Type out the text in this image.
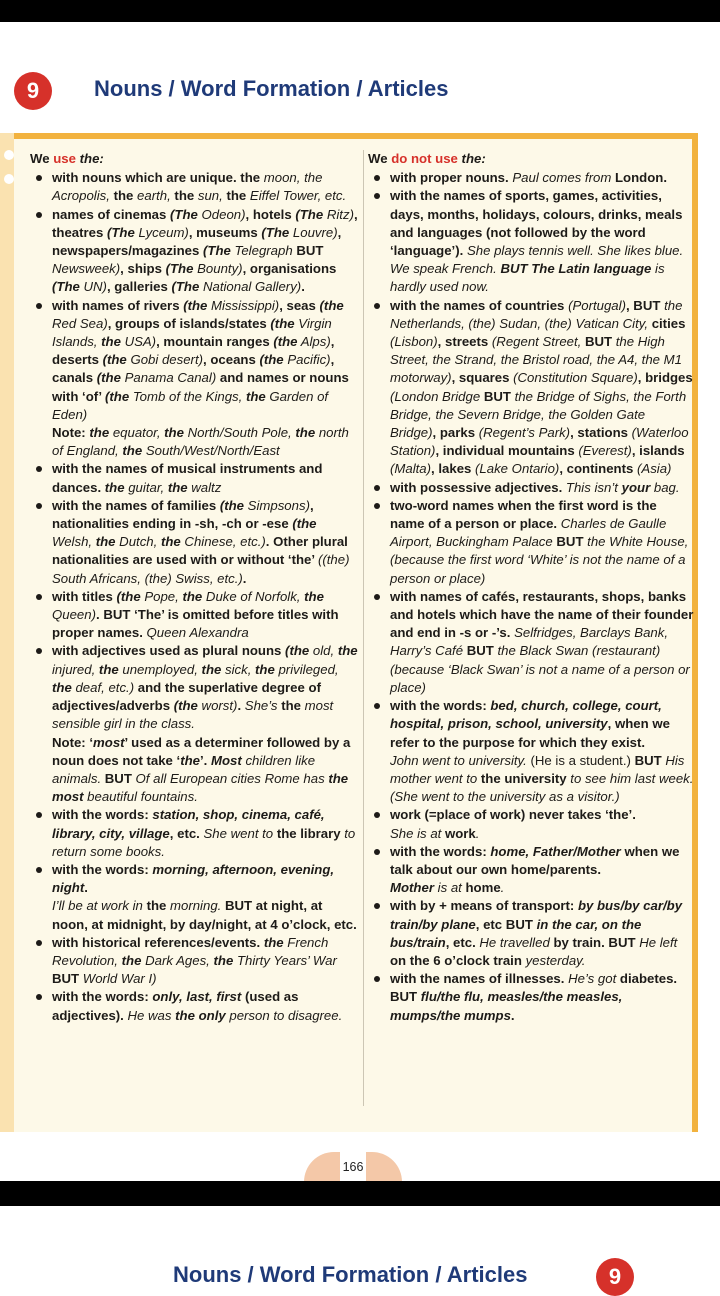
9	Nouns / Word Formation / Articles
We use the:
with nouns which are unique. the moon, the Acropolis, the earth, the sun, the Eiffel Tower, etc.
names of cinemas (The Odeon), hotels (The Ritz), theatres (The Lyceum), museums (The Louvre), newspapers/magazines (The Telegraph BUT Newsweek), ships (The Bounty), organisations (The UN), galleries (The National Gallery).
with names of rivers (the Mississippi), seas (the Red Sea), groups of islands/states (the Virgin Islands, the USA), mountain ranges (the Alps), deserts (the Gobi desert), oceans (the Pacific), canals (the Panama Canal) and names or nouns with ‘of’ (the Tomb of the Kings, the Garden of Eden)
Note: the equator, the North/South Pole, the north of England, the South/West/North/East
with the names of musical instruments and dances. the guitar, the waltz
with the names of families (the Simpsons), nationalities ending in -sh, -ch or -ese (the Welsh, the Dutch, the Chinese, etc.). Other plural nationalities are used with or without ‘the’ ((the) South Africans, (the) Swiss, etc.).
with titles (the Pope, the Duke of Norfolk, the Queen). BUT ‘The’ is omitted before titles with proper names. Queen Alexandra
with adjectives used as plural nouns (the old, the injured, the unemployed, the sick, the privileged, the deaf, etc.) and the superlative degree of adjectives/adverbs (the worst). She’s the most sensible girl in the class.
Note: ‘most’ used as a determiner followed by a noun does not take ‘the’. Most children like animals. BUT Of all European cities Rome has the most beautiful fountains.
with the words: station, shop, cinema, café, library, city, village, etc. She went to the library to return some books.
with the words: morning, afternoon, evening, night.
I’ll be at work in the morning. BUT at night, at noon, at midnight, by day/night, at 4 o’clock, etc.
with historical references/events. the French Revolution, the Dark Ages, the Thirty Years’ War BUT World War I)
with the words: only, last, first (used as adjectives). He was the only person to disagree.
We do not use the:
with proper nouns. Paul comes from London.
with the names of sports, games, activities, days, months, holidays, colours, drinks, meals and languages (not followed by the word ‘language’). She plays tennis well. She likes blue. We speak French. BUT The Latin language is hardly used now.
with the names of countries (Portugal), BUT the Netherlands, (the) Sudan, (the) Vatican City, cities (Lisbon), streets (Regent Street, BUT the High Street, the Strand, the Bristol road, the A4, the M1 motorway), squares (Constitution Square), bridges (London Bridge BUT the Bridge of Sighs, the Forth Bridge, the Severn Bridge, the Golden Gate Bridge), parks (Regent’s Park), stations (Waterloo Station), individual mountains (Everest), islands (Malta), lakes (Lake Ontario), continents (Asia)
with possessive adjectives. This isn’t your bag.
two-word names when the first word is the name of a person or place. Charles de Gaulle Airport, Buckingham Palace BUT the White House, (because the first word ‘White’ is not the name of a person or place)
with names of cafés, restaurants, shops, banks and hotels which have the name of their founder and end in -s or -’s. Selfridges, Barclays Bank, Harry’s Café BUT the Black Swan (restaurant) (because ‘Black Swan’ is not a name of a person or place)
with the words: bed, church, college, court, hospital, prison, school, university, when we refer to the purpose for which they exist.
John went to university. (He is a student.) BUT His mother went to the university to see him last week. (She went to the university as a visitor.)
work (=place of work) never takes ‘the’.
She is at work.
with the words: home, Father/Mother when we talk about our own home/parents.
Mother is at home.
with by + means of transport: by bus/by car/by train/by plane, etc BUT in the car, on the bus/train, etc. He travelled by train. BUT He left on the 6 o’clock train yesterday.
with the names of illnesses. He’s got diabetes. BUT flu/the flu, measles/the measles, mumps/the mumps.
166
Nouns / Word Formation / Articles	9
